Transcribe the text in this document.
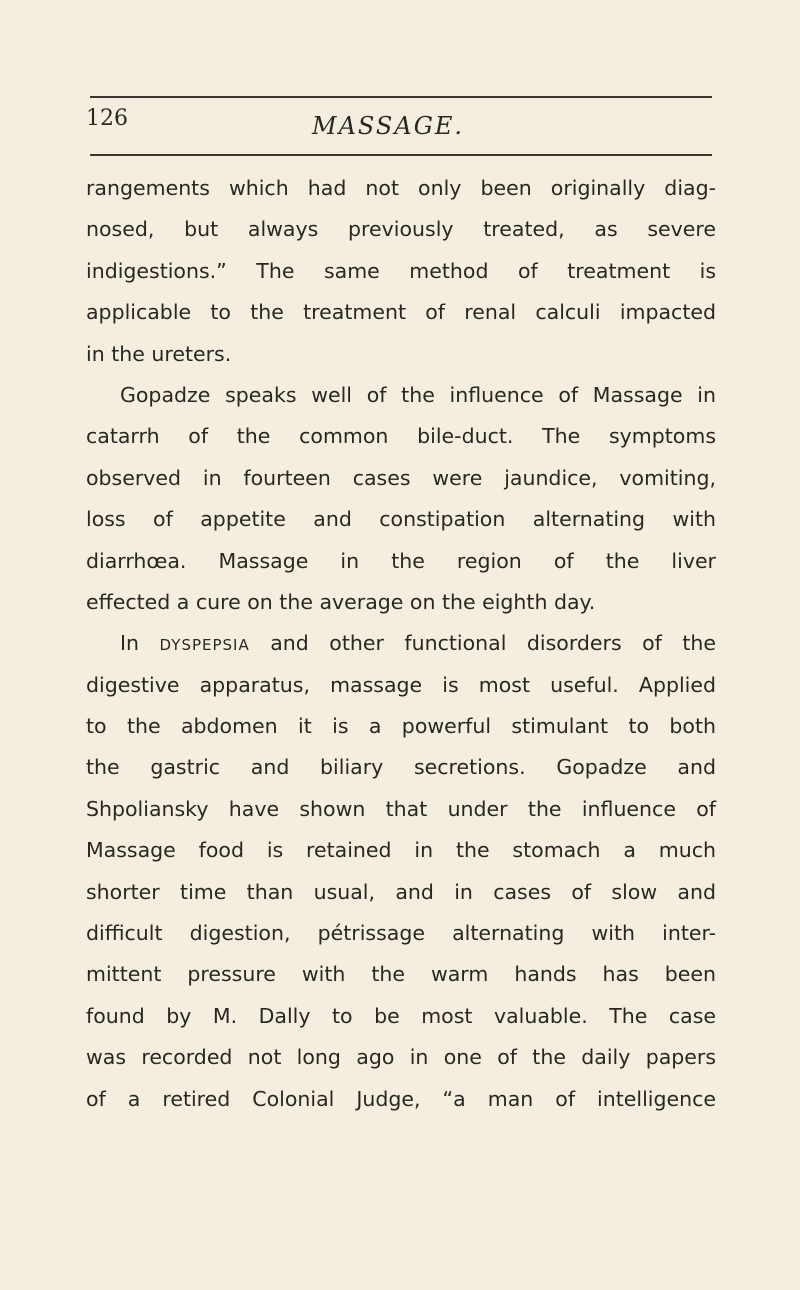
126	MASSAGE.
rangements which had not only been originally diag-
nosed, but always previously treated, as severe
indigestions.” The same method of treatment is
applicable to the treatment of renal calculi impacted
in the ureters.
Gopadze speaks well of the influence of Massage in
catarrh of the common bile-duct. The symptoms
observed in fourteen cases were jaundice, vomiting,
loss of appetite and constipation alternating with
diarrhœa. Massage in the region of the liver
effected a cure on the average on the eighth day.
In DYSPEPSIA and other functional disorders of the
digestive apparatus, massage is most useful. Applied
to the abdomen it is a powerful stimulant to both
the gastric and biliary secretions. Gopadze and
Shpoliansky have shown that under the influence of
Massage food is retained in the stomach a much
shorter time than usual, and in cases of slow and
difficult digestion, pétrissage alternating with inter-
mittent pressure with the warm hands has been
found by M. Dally to be most valuable. The case
was recorded not long ago in one of the daily papers
of a retired Colonial Judge, “a man of intelligence
